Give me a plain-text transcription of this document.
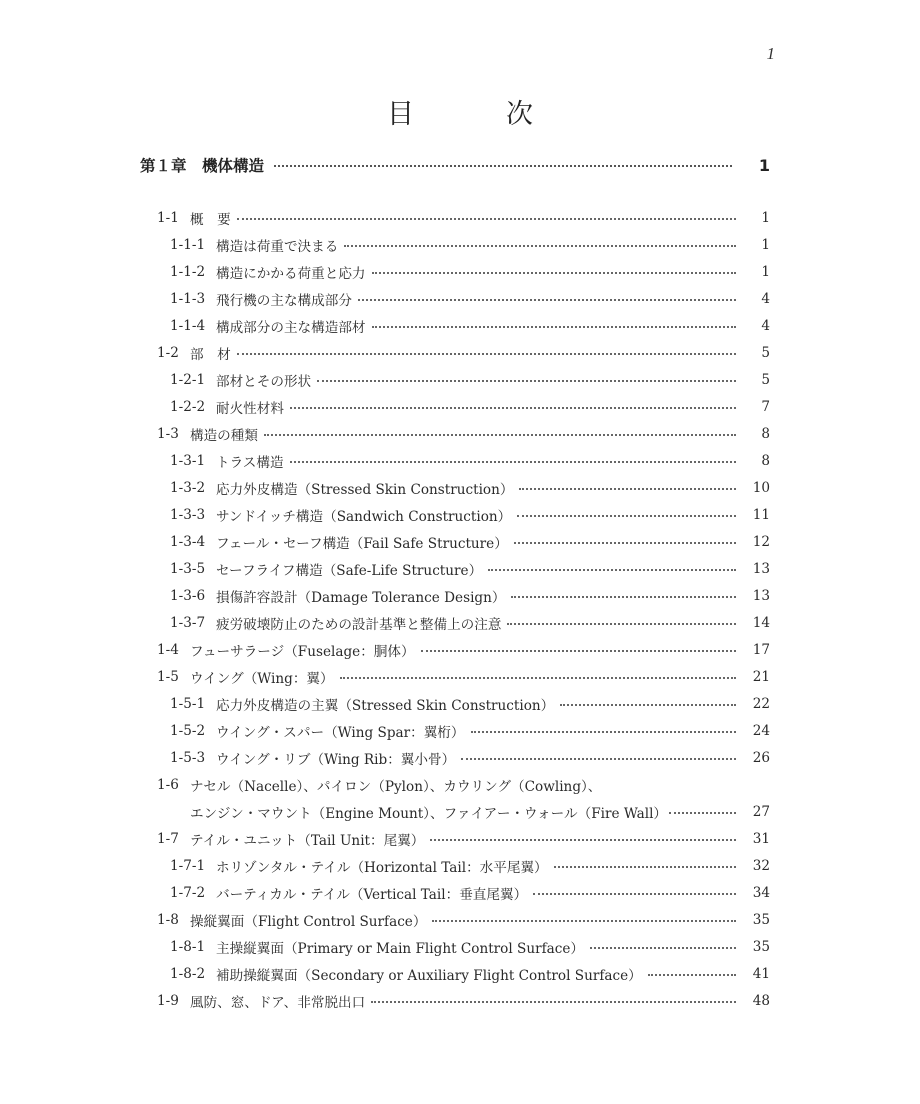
1
目	次
第１章　機体構造	1
1-1 概　要	1
1-1-1 構造は荷重で決まる	1
1-1-2 構造にかかる荷重と応力	1
1-1-3 飛行機の主な構成部分	4
1-1-4 構成部分の主な構造部材	4
1-2 部　材	5
1-2-1 部材とその形状	5
1-2-2 耐火性材料	7
1-3 構造の種類	8
1-3-1 トラス構造	8
1-3-2 応力外皮構造（Stressed Skin Construction）	10
1-3-3 サンドイッチ構造（Sandwich Construction）	11
1-3-4 フェール・セーフ構造（Fail Safe Structure）	12
1-3-5 セーフライフ構造（Safe-Life Structure）	13
1-3-6 損傷許容設計（Damage Tolerance Design）	13
1-3-7 疲労破壊防止のための設計基準と整備上の注意	14
1-4 フューサラージ（Fuselage：胴体）	17
1-5 ウイング（Wing：翼）	21
1-5-1 応力外皮構造の主翼（Stressed Skin Construction）	22
1-5-2 ウイング・スパー（Wing Spar：翼桁）	24
1-5-3 ウイング・リブ（Wing Rib：翼小骨）	26
1-6 ナセル（Nacelle）、パイロン（Pylon）、カウリング（Cowling）、
エンジン・マウント（Engine Mount）、ファイアー・ウォール（Fire Wall）	27
1-7 テイル・ユニット（Tail Unit：尾翼）	31
1-7-1 ホリゾンタル・テイル（Horizontal Tail：水平尾翼）	32
1-7-2 バーティカル・テイル（Vertical Tail：垂直尾翼）	34
1-8 操縦翼面（Flight Control Surface）	35
1-8-1 主操縦翼面（Primary or Main Flight Control Surface）	35
1-8-2 補助操縦翼面（Secondary or Auxiliary Flight Control Surface）	41
1-9 風防、窓、ドア、非常脱出口	48
